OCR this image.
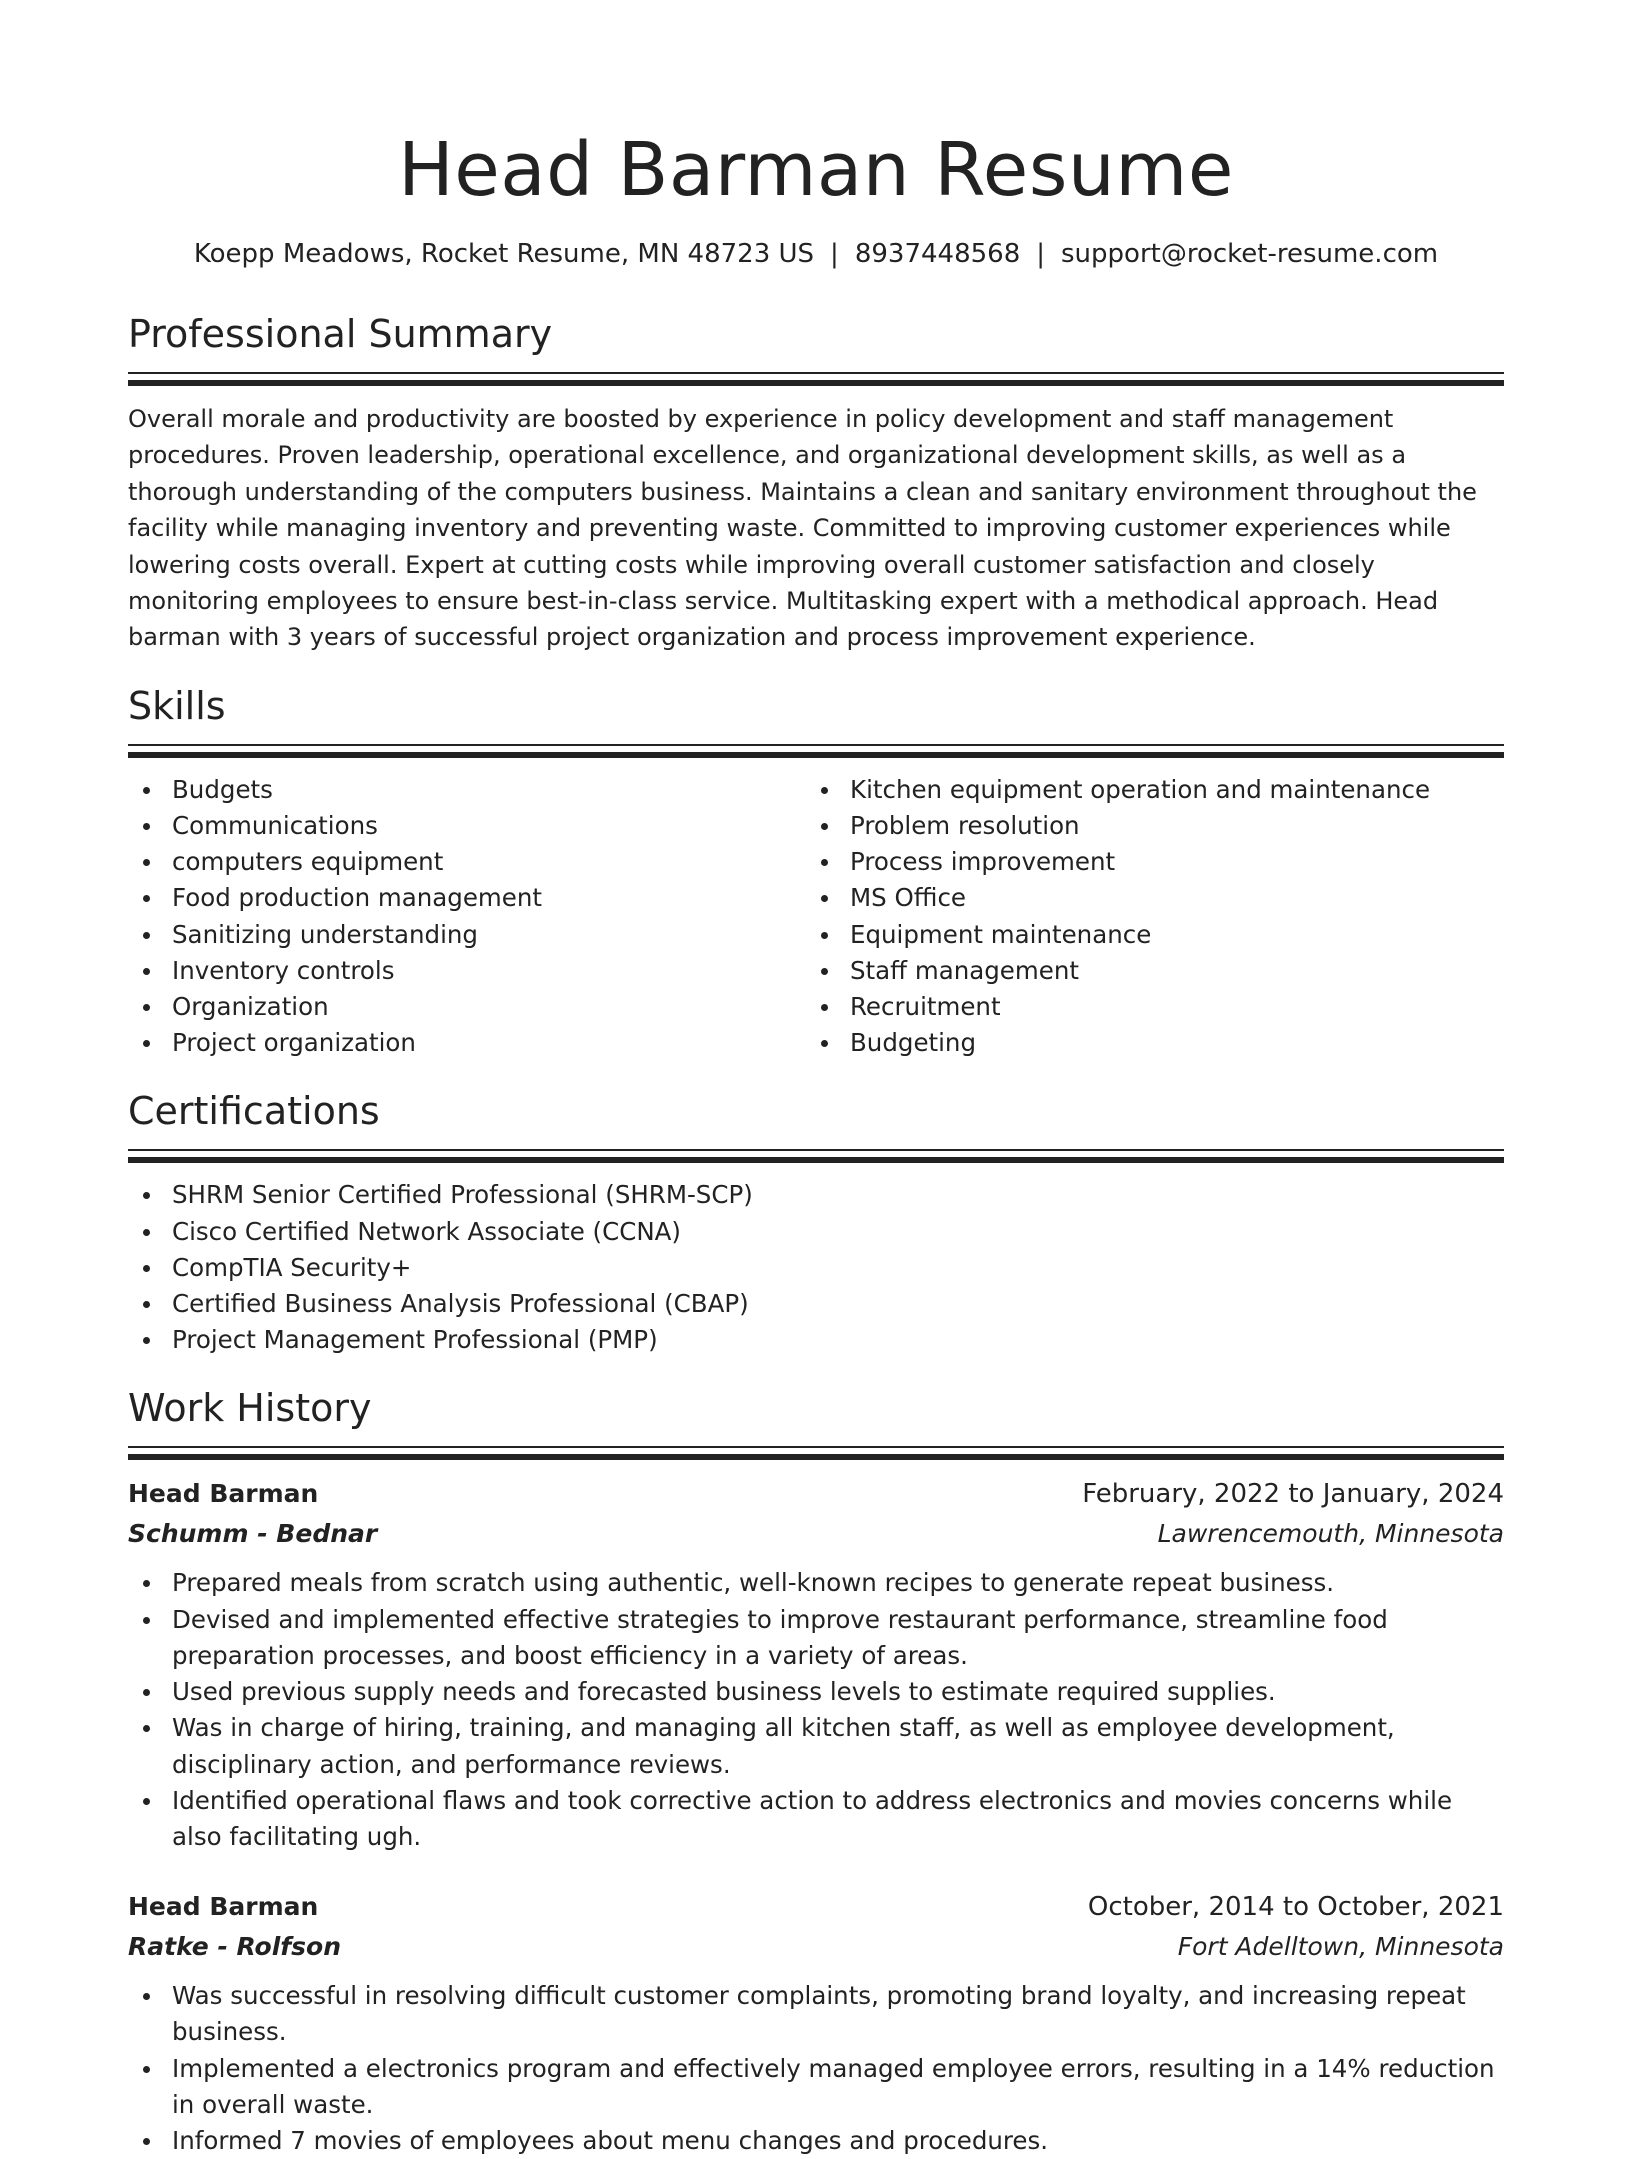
Head Barman Resume
Koepp Meadows, Rocket Resume, MN 48723 US | 8937448568 | support@rocket-resume.com
Professional Summary

Overall morale and productivity are boosted by experience in policy development and staff management procedures. Proven leadership, operational excellence, and organizational development skills, as well as a thorough understanding of the computers business. Maintains a clean and sanitary environment throughout the facility while managing inventory and preventing waste. Committed to improving customer experiences while lowering costs overall. Expert at cutting costs while improving overall customer satisfaction and closely monitoring employees to ensure best-in-class service. Multitasking expert with a methodical approach. Head barman with 3 years of successful project organization and process improvement experience.

Skills
Budgets
Communications
computers equipment
Food production management
Sanitizing understanding
Inventory controls
Organization
Project organization
Kitchen equipment operation and maintenance
Problem resolution
Process improvement
MS Office
Equipment maintenance
Staff management
Recruitment
Budgeting
Certifications
SHRM Senior Certified Professional (SHRM-SCP)
Cisco Certified Network Associate (CCNA)
CompTIA Security+
Certified Business Analysis Professional (CBAP)
Project Management Professional (PMP)
Work History
Head Barman	February, 2022 to January, 2024
Schumm - Bednar	Lawrencemouth, Minnesota
Prepared meals from scratch using authentic, well-known recipes to generate repeat business.
Devised and implemented effective strategies to improve restaurant performance, streamline food preparation processes, and boost efficiency in a variety of areas.
Used previous supply needs and forecasted business levels to estimate required supplies.
Was in charge of hiring, training, and managing all kitchen staff, as well as employee development, disciplinary action, and performance reviews.
Identified operational flaws and took corrective action to address electronics and movies concerns while also facilitating ugh.
Head Barman	October, 2014 to October, 2021
Ratke - Rolfson	Fort Adelltown, Minnesota
Was successful in resolving difficult customer complaints, promoting brand loyalty, and increasing repeat business.
Implemented a electronics program and effectively managed employee errors, resulting in a 14% reduction in overall waste.
Informed 7 movies of employees about menu changes and procedures.
